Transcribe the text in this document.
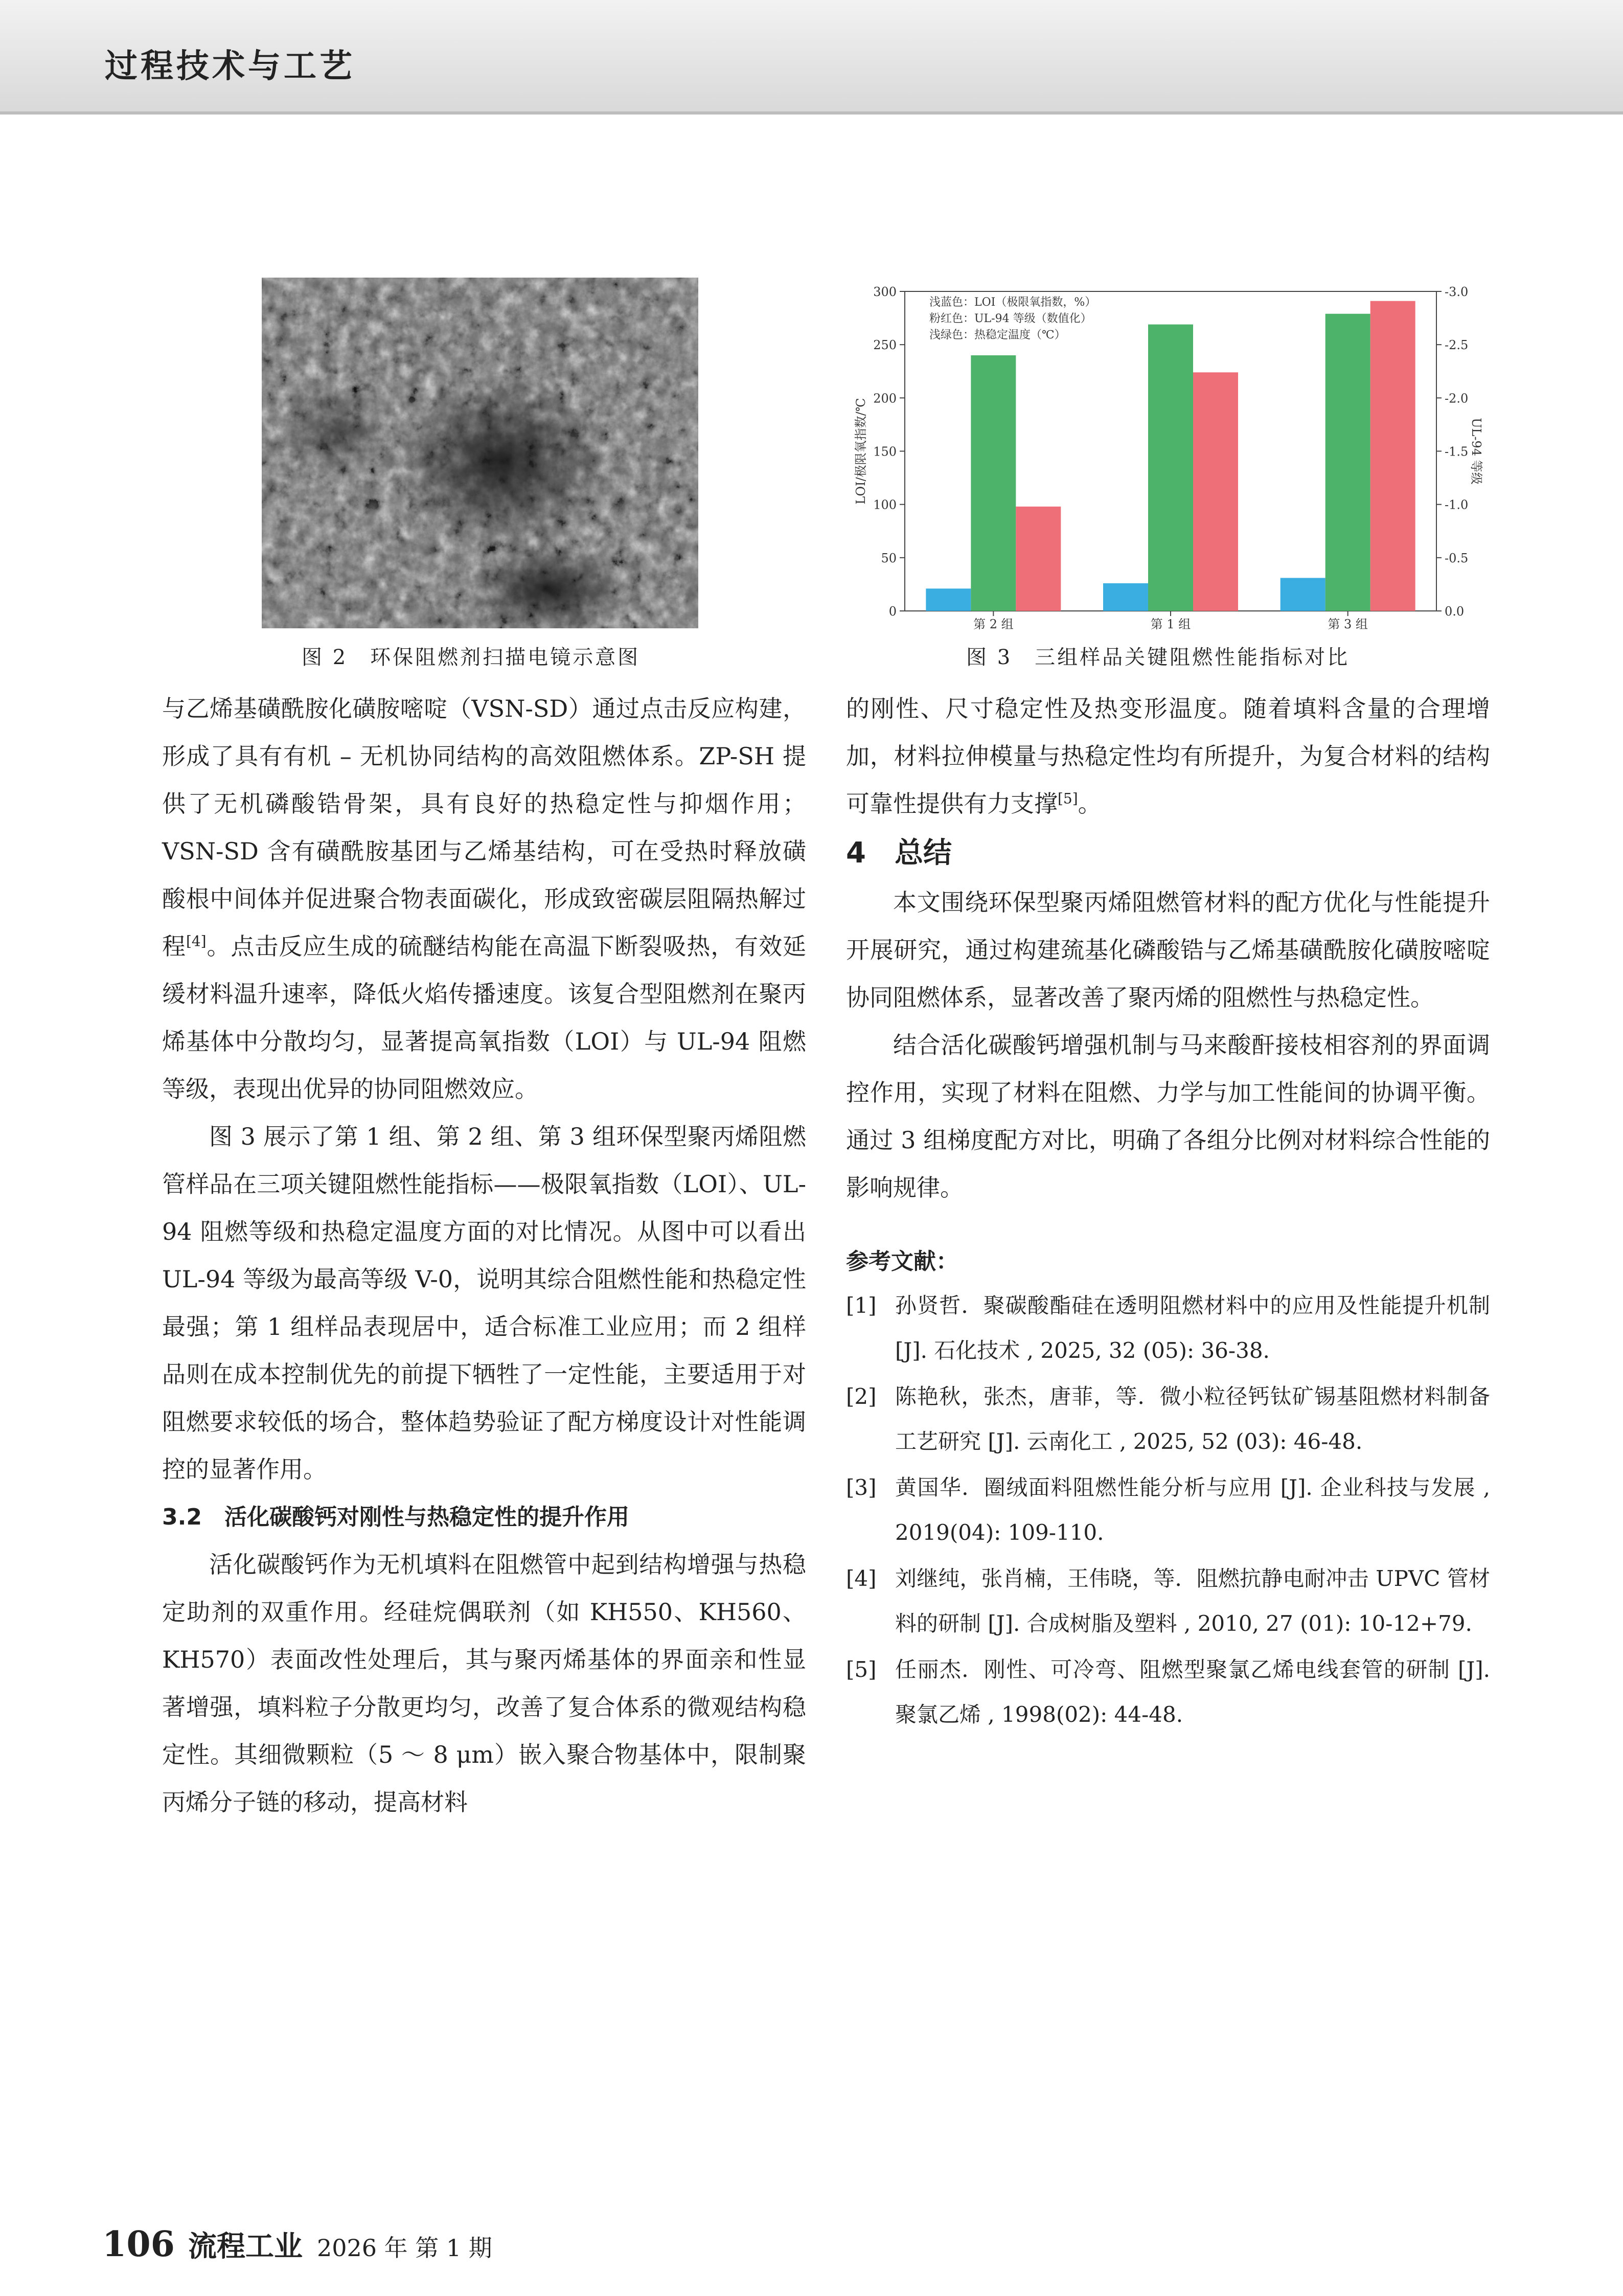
过程技术与工艺
图 2　环保阻燃剂扫描电镜示意图
0
50
100
150
200
250
300
0.0
-0.5
-1.0
-1.5
-2.0
-2.5
-3.0
LOI/极限氧指数/℃	UL-94 等级
第 2 组	第 1 组	第 3 组
浅蓝色：LOI（极限氧指数，%）
粉红色：UL-94 等级（数值化）
浅绿色：热稳定温度（℃）
图 3　三组样品关键阻燃性能指标对比

与乙烯基磺酰胺化磺胺嘧啶（VSN-SD）通过点击反应构建，形成了具有有机 – 无机协同结构的高效阻燃体系。ZP-SH 提供了无机磷酸锆骨架，具有良好的热稳定性与抑烟作用；VSN-SD 含有磺酰胺基团与乙烯基结构，可在受热时释放磺酸根中间体并促进聚合物表面碳化，形成致密碳层阻隔热解过程[4]。点击反应生成的硫醚结构能在高温下断裂吸热，有效延缓材料温升速率，降低火焰传播速度。该复合型阻燃剂在聚丙烯基体中分散均匀，显著提高氧指数（LOI）与 UL-94 阻燃等级，表现出优异的协同阻燃效应。

图 3 展示了第 1 组、第 2 组、第 3 组环保型聚丙烯阻燃管样品在三项关键阻燃性能指标——极限氧指数（LOI）、UL-94 阻燃等级和热稳定温度方面的对比情况。从图中可以看出 UL-94 等级为最高等级 V-0，说明其综合阻燃性能和热稳定性最强；第 1 组样品表现居中，适合标准工业应用；而 2 组样品则在成本控制优先的前提下牺牲了一定性能，主要适用于对阻燃要求较低的场合，整体趋势验证了配方梯度设计对性能调控的显著作用。

3.2　 活化碳酸钙对刚性与热稳定性的提升作用

活化碳酸钙作为无机填料在阻燃管中起到结构增强与热稳定助剂的双重作用。经硅烷偶联剂（如 KH550、KH560、KH570）表面改性处理后，其与聚丙烯基体的界面亲和性显著增强，填料粒子分散更均匀，改善了复合体系的微观结构稳定性。其细微颗粒（5 ～ 8 μm）嵌入聚合物基体中，限制聚丙烯分子链的移动，提高材料

的刚性、尺寸稳定性及热变形温度。随着填料含量的合理增加，材料拉伸模量与热稳定性均有所提升，为复合材料的结构可靠性提供有力支撑[5]。

4　 总结

本文围绕环保型聚丙烯阻燃管材料的配方优化与性能提升开展研究，通过构建巯基化磷酸锆与乙烯基磺酰胺化磺胺嘧啶协同阻燃体系，显著改善了聚丙烯的阻燃性与热稳定性。

结合活化碳酸钙增强机制与马来酸酐接枝相容剂的界面调控作用，实现了材料在阻燃、力学与加工性能间的协调平衡。通过 3 组梯度配方对比，明确了各组分比例对材料综合性能的影响规律。

参考文献：
[1] 孙贤哲．聚碳酸酯硅在透明阻燃材料中的应用及性能提升机制 [J]. 石化技术 , 2025, 32 (05): 36-38.
[2] 陈艳秋，张杰，唐菲，等．微小粒径钙钛矿锡基阻燃材料制备工艺研究 [J]. 云南化工 , 2025, 52 (03): 46-48.
[3] 黄国华．圈绒面料阻燃性能分析与应用 [J]. 企业科技与发展 , 2019(04): 109-110.
[4] 刘继纯，张肖楠，王伟晓，等．阻燃抗静电耐冲击 UPVC 管材料的研制 [J]. 合成树脂及塑料 , 2010, 27 (01): 10-12+79.
[5] 任丽杰．刚性、可冷弯、阻燃型聚氯乙烯电线套管的研制 [J]. 聚氯乙烯 , 1998(02): 44-48.
106 流程工业 2026 年 第 1 期
